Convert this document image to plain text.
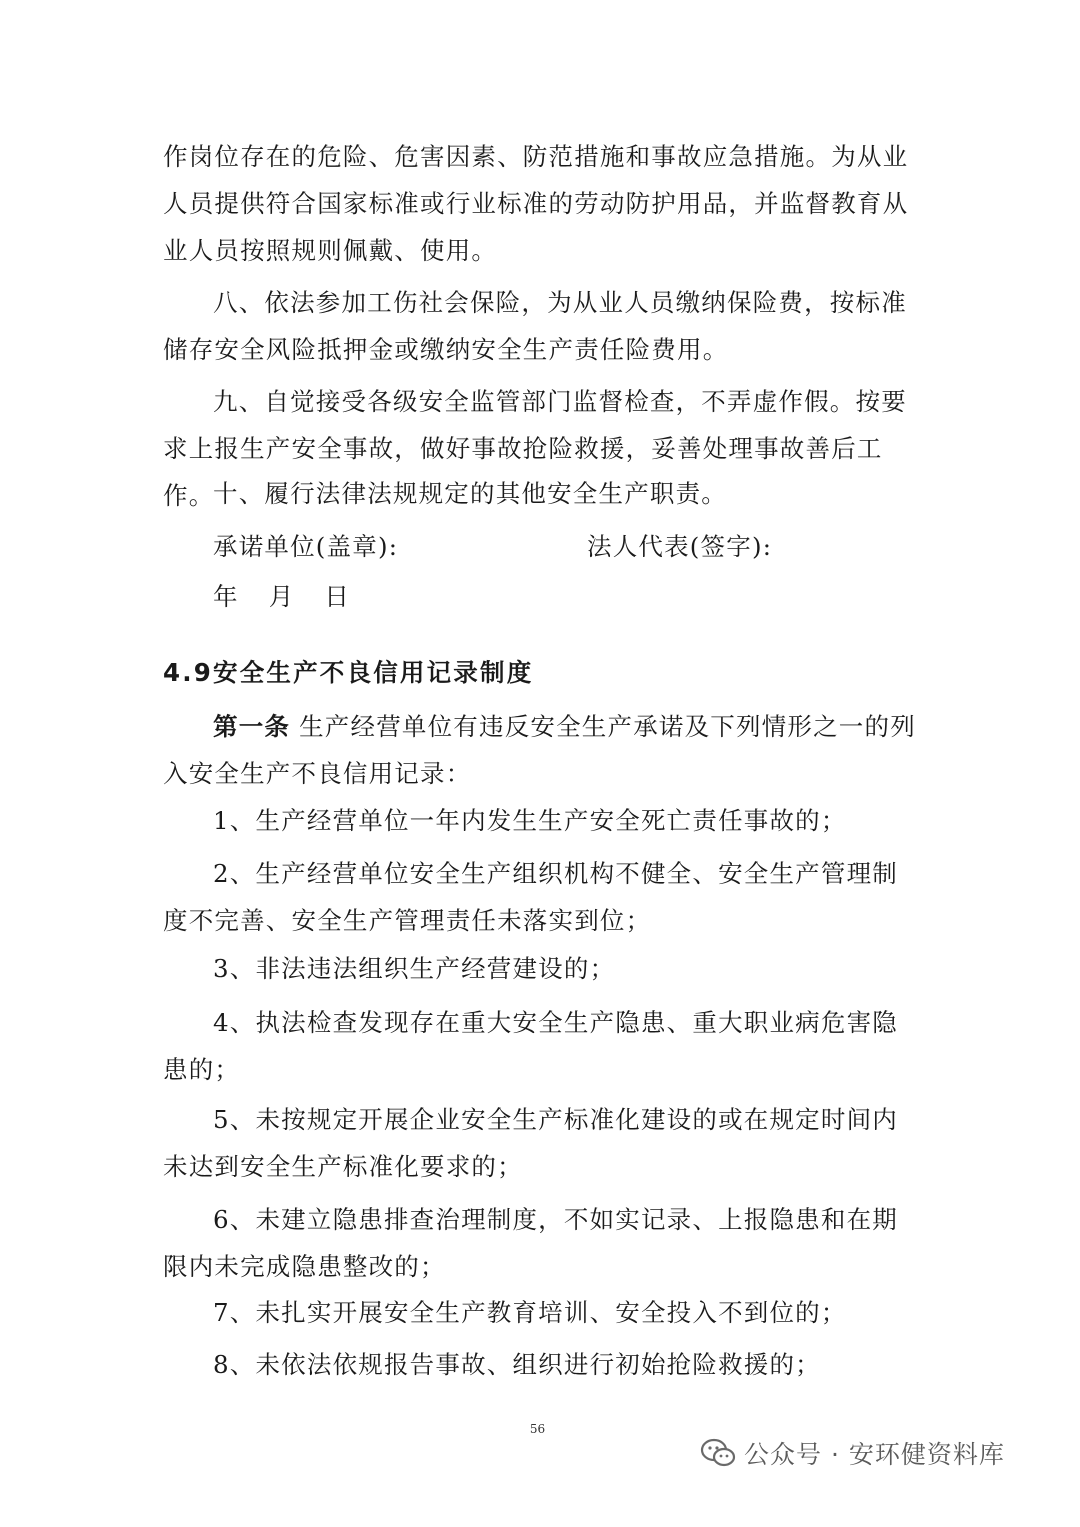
作岗位存在的危险、危害因素、防范措施和事故应急措施。为从业人员提供符合国家标准或行业标准的劳动防护用品，并监督教育从业人员按照规则佩戴、使用。

八、依法参加工伤社会保险，为从业人员缴纳保险费，按标准储存安全风险抵押金或缴纳安全生产责任险费用。

九、自觉接受各级安全监管部门监督检查，不弄虚作假。按要求上报生产安全事故，做好事故抢险救援，妥善处理事故善后工作。

十、履行法律法规规定的其他安全生产职责。

承诺单位(盖章):	法人代表(签字):

年 月 日
4.9安全生产不良信用记录制度

第一条 生产经营单位有违反安全生产承诺及下列情形之一的列入安全生产不良信用记录：

1、生产经营单位一年内发生生产安全死亡责任事故的；

2、生产经营单位安全生产组织机构不健全、安全生产管理制度不完善、安全生产管理责任未落实到位；

3、非法违法组织生产经营建设的；

4、执法检查发现存在重大安全生产隐患、重大职业病危害隐患的；

5、未按规定开展企业安全生产标准化建设的或在规定时间内未达到安全生产标准化要求的；

6、未建立隐患排查治理制度，不如实记录、上报隐患和在期限内未完成隐患整改的；

7、未扎实开展安全生产教育培训、安全投入不到位的；

8、未依法依规报告事故、组织进行初始抢险救援的；

56
公众号 · 安环健资料库
